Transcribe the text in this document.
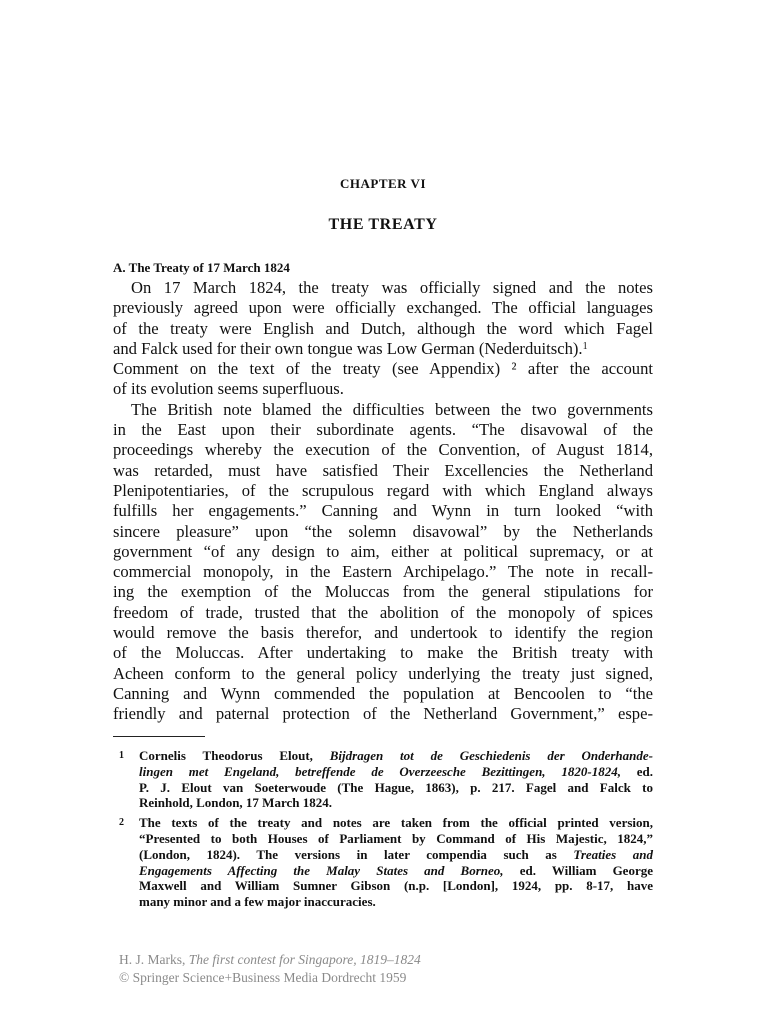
CHAPTER VI
THE TREATY
A. The Treaty of 17 March 1824
On 17 March 1824, the treaty was officially signed and the notes
previously agreed upon were officially exchanged. The official languages
of the treaty were English and Dutch, although the word which Fagel
and Falck used for their own tongue was Low German (Nederduitsch).$^1$
Comment on the text of the treaty (see Appendix) ² after the account
of its evolution seems superfluous.
The British note blamed the difficulties between the two governments
in the East upon their subordinate agents. “The disavowal of the
proceedings whereby the execution of the Convention, of August 1814,
was retarded, must have satisfied Their Excellencies the Netherland
Plenipotentiaries, of the scrupulous regard with which England always
fulfills her engagements.” Canning and Wynn in turn looked “with
sincere pleasure” upon “the solemn disavowal” by the Netherlands
government “of any design to aim, either at political supremacy, or at
commercial monopoly, in the Eastern Archipelago.” The note in recall-
ing the exemption of the Moluccas from the general stipulations for
freedom of trade, trusted that the abolition of the monopoly of spices
would remove the basis therefor, and undertook to identify the region
of the Moluccas. After undertaking to make the British treaty with
Acheen conform to the general policy underlying the treaty just signed,
Canning and Wynn commended the population at Bencoolen to “the
friendly and paternal protection of the Netherland Government,” espe-
1 Cornelis Theodorus Elout, Bijdragen tot de Geschiedenis der Onderhande-
lingen met Engeland, betreffende de Overzeesche Bezittingen, 1820-1824, ed.
P. J. Elout van Soeterwoude (The Hague, 1863), p. 217. Fagel and Falck to
Reinhold, London, 17 March 1824.
2 The texts of the treaty and notes are taken from the official printed version,
“Presented to both Houses of Parliament by Command of His Majestic, 1824,”
(London, 1824). The versions in later compendia such as Treaties and
Engagements Affecting the Malay States and Borneo, ed. William George
Maxwell and William Sumner Gibson (n.p. [London], 1924, pp. 8-17, have
many minor and a few major inaccuracies.
H. J. Marks, The first contest for Singapore, 1819–1824
© Springer Science+Business Media Dordrecht 1959
